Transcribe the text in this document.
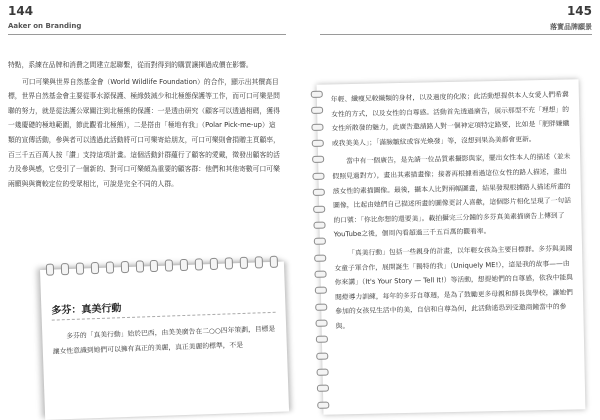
144
Aaker on Branding

特點，系練在品牌和消費之間建立起聯繫，從而對得到的購買讓揮過成價在影響。

可口可樂與世界自然基金會（World Wildlife Foundation）的合作，顯示出其價高目標，世界自然基金會主要從事水源保護、極緣鼓減少和北極態保護等工作，而可口可樂是問聯的努力，就是從法護公眾關注到北極熊的保護：一是透由研究（顧客可以透過相碼，獲得一幾慶礎的極地範圍，節此觀看北極熊），二是搭由「極地有我」（Polar Pick-me-up）這類的宣傳活動，參與者可以透過此活動將可口可樂寄給朋友，可口可樂則會捐贈主頁顧率，百三千五百萬人按「讚」支持這項計畫。這個活動針群蘊行了顧客的愛戴，徵發出顧客的活力及參與感，它受引了一個新的、對可口可樂頗為重要的顧客群：他們和其他寄數可口可樂兩願與與寶較定位的受眾相比，可說是完全不同的人群。

多芬：真美行動

多芬的「真美行動」始於巴西，由美美廣告在二○○四年策劃，目標是讓女性意識到她們可以擁有真正的美麗，真正美麗的標準，不是

145
落實品牌願景

年輕、纖瘦兄較織類的身材，以及過度的化妝；此活動想提供本人女愛人們希冀女性的方式，以及女性的自尊感。活動首先透過廣告，展示那型不充「理想」的女性所散發的魅力，此廣告邀請路人對一個神定項特定路要，比如是「肥胖嫌纖或我美美人」；「滿臉皺紋或容光煥發」等，沒想到果為美都會更新。

當中有一個廣告，是先請一位品質素攝影與家，擺出女性本人的描述（並未假照見過對方），畫出其素描畫像；接著再根據看過這位女性的路人描述，畫出該女性的素描圖像。最後，攝本人比對兩幅圖畫，結果發現根據路人描述所畫的圖像，比起由她們自己描述所畫的圖像更討人喜歡，這個影片相化呈現了一句話的口號：「你比你想的還要美」。載拍攝完三分鐘的多芬真美素描廣告上傳到了YouTube之後，個周內看超過三千五百萬的觀看率。

「真美行動」包括一些親身的計畫，以年輕女孩為主要目標群。多芬與美國女童子軍合作，展開誕生「獨特的我」（Uniquely ME!），這是我的故事——由你來講」（It's Your Story — Tell It!）等活動，想提她們的自尊感，依我中能與閱燈導力訓練，每年的多芬自尊週，是為了鼓勵更多母親和師長與學校，讓她們參加的女孩兒生活中的美，自信和自尊為何，此活動遙恐到受邀商鐘當中的參與。
